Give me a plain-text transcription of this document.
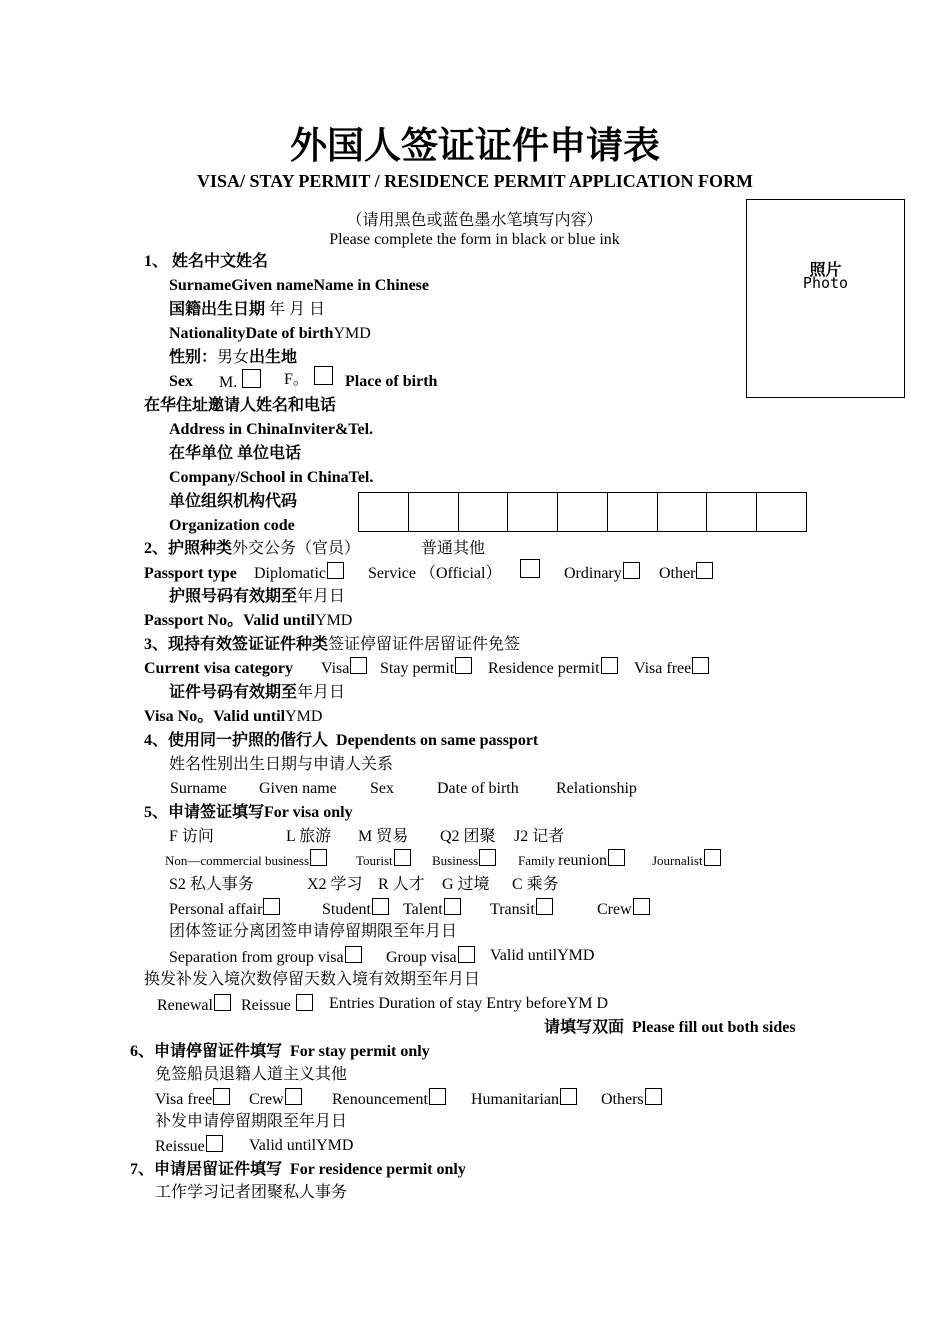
外国人签证证件申请表
VISA/ STAY PERMIT / RESIDENCE PERMIT APPLICATION FORM
（请用黑色或蓝色墨水笔填写内容）
Please complete the form in black or blue ink
照片
Photo
1、 姓名中文姓名
SurnameGiven nameName in Chinese
国籍出生日期 年 月 日
NationalityDate of birthYMD
性别：男女出生地
Sex M.	F。	Place of birth
在华住址邀请人姓名和电话
Address in ChinaInviter&Tel.
在华单位 单位电话
Company/School in ChinaTel.
单位组织机构代码
Organization code
2、护照种类外交公务（官员）	普通其他
Passport type Diplomatic	Service （Official）	Ordinary	Other
护照号码有效期至年月日
Passport No。Valid untilYMD
3、现持有效签证证件种类签证停留证件居留证件免签
Current visa category Visa	Stay permit	Residence permit	Visa free
证件号码有效期至年月日
Visa No。Valid untilYMD
4、使用同一护照的偕行人 Dependents on same passport
姓名性别出生日期与申请人关系
Surname Given name Sex	Date of birth Relationship
5、申请签证填写For visa only
F 访问	L 旅游 M 贸易 Q2 团聚 J2 记者
Non—commercial business	Tourist	Business	Family reunion	Journalist
S2 私人事务	X2 学习 R 人才 G 过境 C 乘务
Personal affair	Student	Talent	Transit	Crew
团体签证分离团签申请停留期限至年月日
Separation from group visa	Group visa	Valid untilYMD
换发补发入境次数停留天数入境有效期至年月日
Renewal	Reissue	Entries Duration of stay Entry beforeYM D
请填写双面 Please fill out both sides
6、申请停留证件填写 For stay permit only
免签船员退籍人道主义其他
Visa free	Crew	Renouncement	Humanitarian	Others
补发申请停留期限至年月日
Reissue	Valid untilYMD
7、申请居留证件填写 For residence permit only
工作学习记者团聚私人事务
